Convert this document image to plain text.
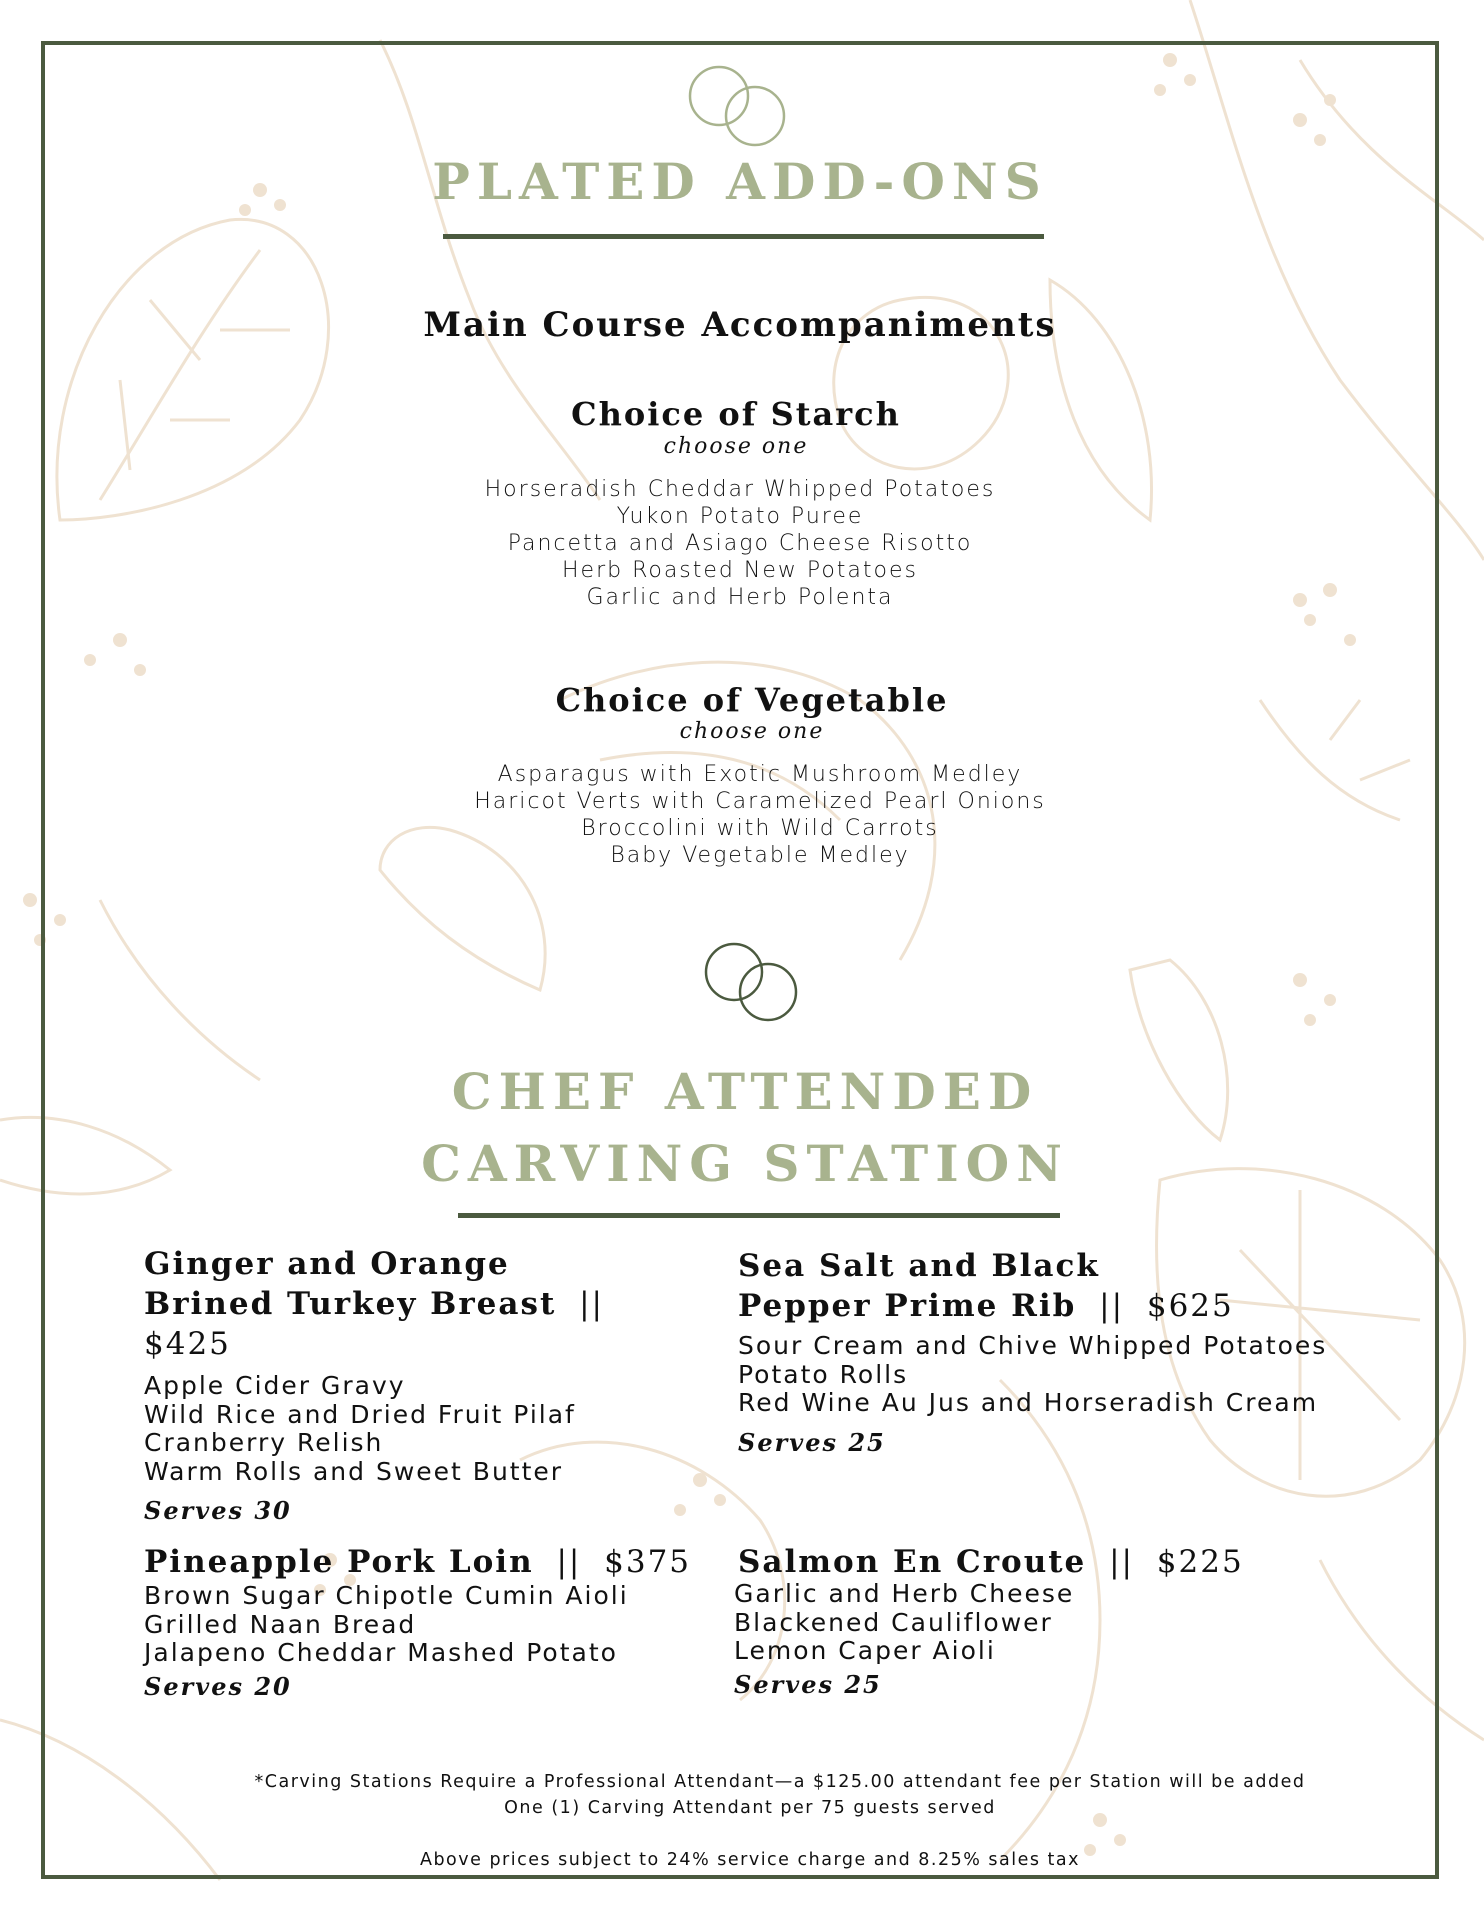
PLATED ADD-ONS
Main Course Accompaniments
Choice of Starch
choose one
Horseradish Cheddar Whipped Potatoes
Yukon Potato Puree
Pancetta and Asiago Cheese Risotto
Herb Roasted New Potatoes
Garlic and Herb Polenta
Choice of Vegetable
choose one
Asparagus with Exotic Mushroom Medley
Haricot Verts with Caramelized Pearl Onions
Broccolini with Wild Carrots
Baby Vegetable Medley
CHEF ATTENDED
CARVING STATION
Ginger and Orange
Brined Turkey Breast || $425
Apple Cider Gravy
Wild Rice and Dried Fruit Pilaf
Cranberry Relish
Warm Rolls and Sweet Butter
Serves 30
Sea Salt and Black
Pepper Prime Rib || $625
Sour Cream and Chive Whipped Potatoes
Potato Rolls
Red Wine Au Jus and Horseradish Cream
Serves 25
Pineapple Pork Loin || $375
Brown Sugar Chipotle Cumin Aioli
Grilled Naan Bread
Jalapeno Cheddar Mashed Potato
Serves 20
Salmon En Croute || $225
Garlic and Herb Cheese
Blackened Cauliflower
Lemon Caper Aioli
Serves 25
*Carving Stations Require a Professional Attendant—a $125.00 attendant fee per Station will be added
One (1) Carving Attendant per 75 guests served
Above prices subject to 24% service charge and 8.25% sales tax
